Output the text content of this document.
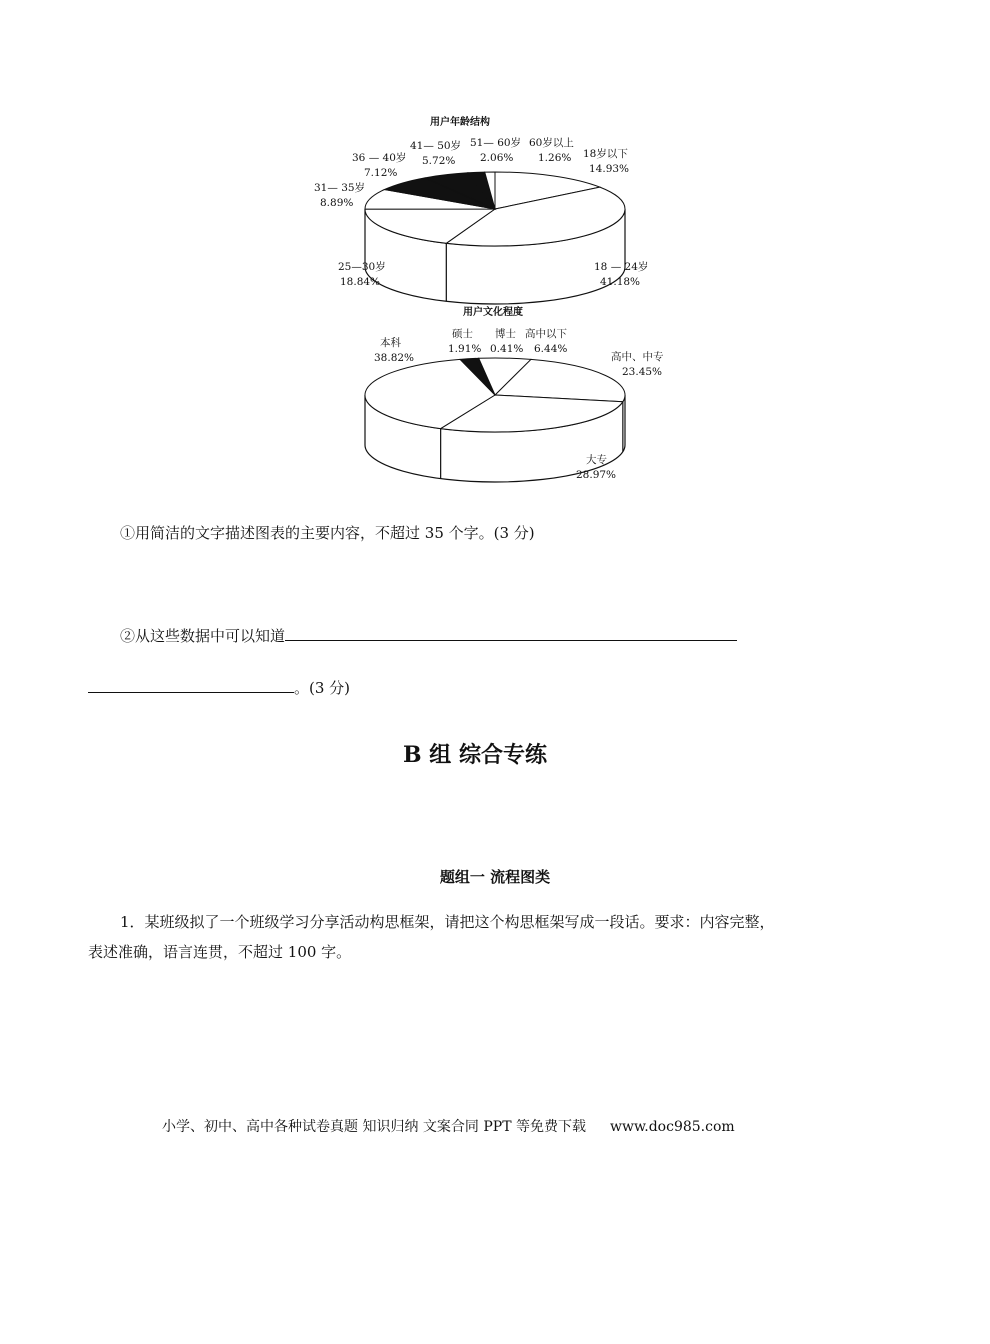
用户年龄结构
18岁以下
14.93%
18 — 24岁
41.18%
25—30岁
18.84%
31— 35岁
8.89%
36 — 40岁
7.12%
41— 50岁
5.72%
51— 60岁
2.06%
60岁以上
1.26%
用户文化程度
高中、中专
23.45%
大专
28.97%
本科
38.82%
硕士
1.91%
博士
0.41%
高中以下
6.44%
①用简洁的文字描述图表的主要内容，不超过 35 个字。(3 分)
②从这些数据中可以知道
。(3 分)
B 组 综合专练
题组一 流程图类
1．某班级拟了一个班级学习分享活动构思框架，请把这个构思框架写成一段话。要求：内容完整，
表述准确，语言连贯，不超过 100 字。
小学、初中、高中各种试卷真题 知识归纳 文案合同 PPT 等免费下载 www.doc985.com
